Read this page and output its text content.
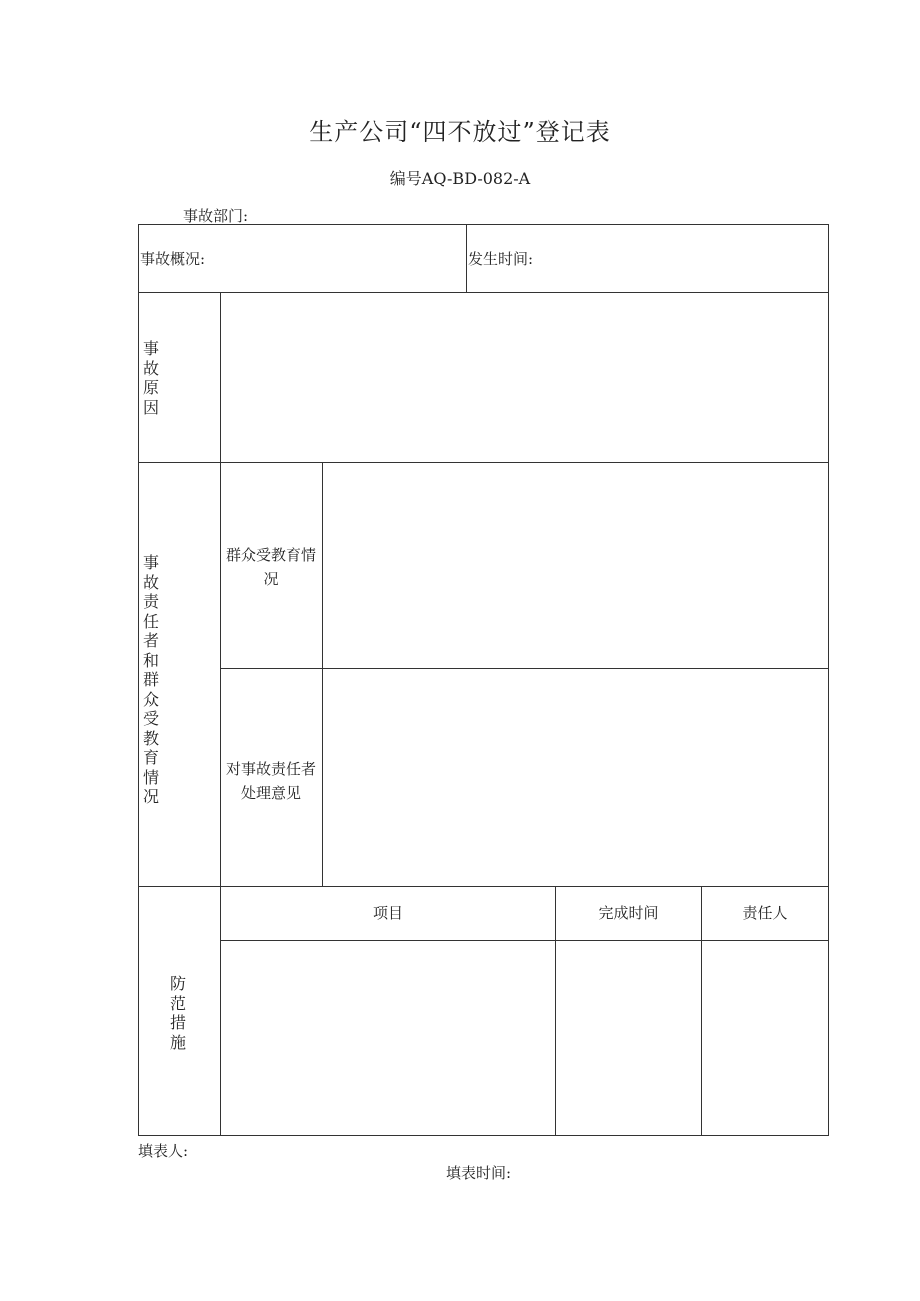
生产公司“四不放过”登记表
编号AQ-BD-082-A
事故部门:
事故概况:	发生时间:
事故原因
事故责任者和群众受教育情况
群众受教育情况
对事故责任者处理意见
防范措施
项目	完成时间	责任人
填表人:
填表时间:
